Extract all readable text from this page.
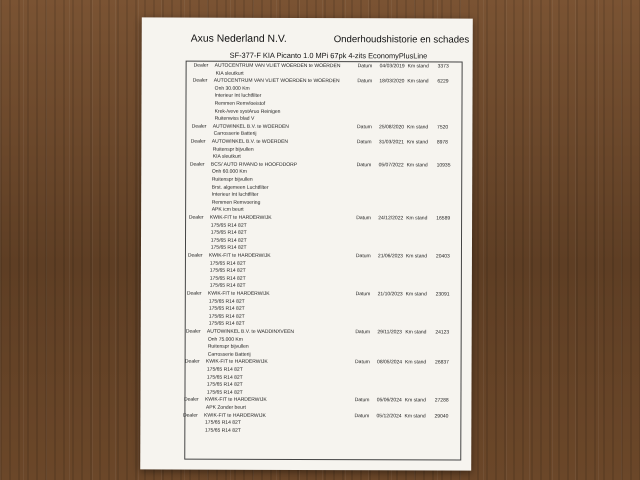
Axus Nederland N.V.	Onderhoudshistorie en schades
SF-377-F KIA Picanto 1.0 MPi 67pk 4-zits EconomyPlusLine
Dealer AUTOCENTRUM VAN VLIET WOERDEN te WOERDEN	Datum 04/03/2019 Km stand 3373
KIA sleutkurt
Dealer AUTOCENTRUM VAN VLIET WOERDEN te WOERDEN	Datum 18/03/2020 Km stand 6229
Onh 30.000 Km
Interieur Int luchtfilter
Remmen Remvloeistof
Krek-/veve systAruo Reinigen
Ruitenwiss blad V
Dealer AUTOWINKEL B.V. te WOERDEN	Datum 25/08/2020 Km stand 7520
Carrosserie Batterij
Dealer AUTOWINKEL B.V. te WOERDEN	Datum 31/03/2021 Km stand 8978
Ruitenspr bijvullen
KIA sleutkurt
Dealer BCS/ AUTO RIVANO te HOOFDDORP	Datum 05/07/2022 Km stand 10935
Onh 60.000 Km
Ruitenspr bijvullen
Brst. algemeen Luchtfilter
Interieur Int luchtfilter
Remmen Remvoering
APK icm beurt
Dealer KWIK-FIT te HARDERWIJK	Datum 24/12/2022 Km stand 16589
175/65 R14 82T
175/65 R14 82T
175/65 R14 82T
175/65 R14 82T
Dealer KWIK-FIT te HARDERWIJK	Datum 21/06/2023 Km stand 20403
175/65 R14 82T
175/65 R14 82T
175/65 R14 82T
175/65 R14 82T
Dealer KWIK-FIT te HARDERWIJK	Datum 21/10/2023 Km stand 23091
175/65 R14 82T
175/65 R14 82T
175/65 R14 82T
175/65 R14 82T
Dealer AUTOWINKEL B.V. te WADDINXVEEN	Datum 29/11/2023 Km stand 24123
Onh 75.000 Km
Ruitenspr bijvullen
Carrosserie Batterij
Dealer KWIK-FIT te HARDERWIJK	Datum 08/05/2024 Km stand 26837
175/65 R14 82T
175/65 R14 82T
175/65 R14 82T
175/65 R14 82T
Dealer KWIK-FIT te HARDERWIJK	Datum 05/06/2024 Km stand 27288
APK Zonder beurt
Dealer KWIK-FIT te HARDERWIJK	Datum 05/12/2024 Km stand 29040
175/65 R14 82T
175/65 R14 82T
